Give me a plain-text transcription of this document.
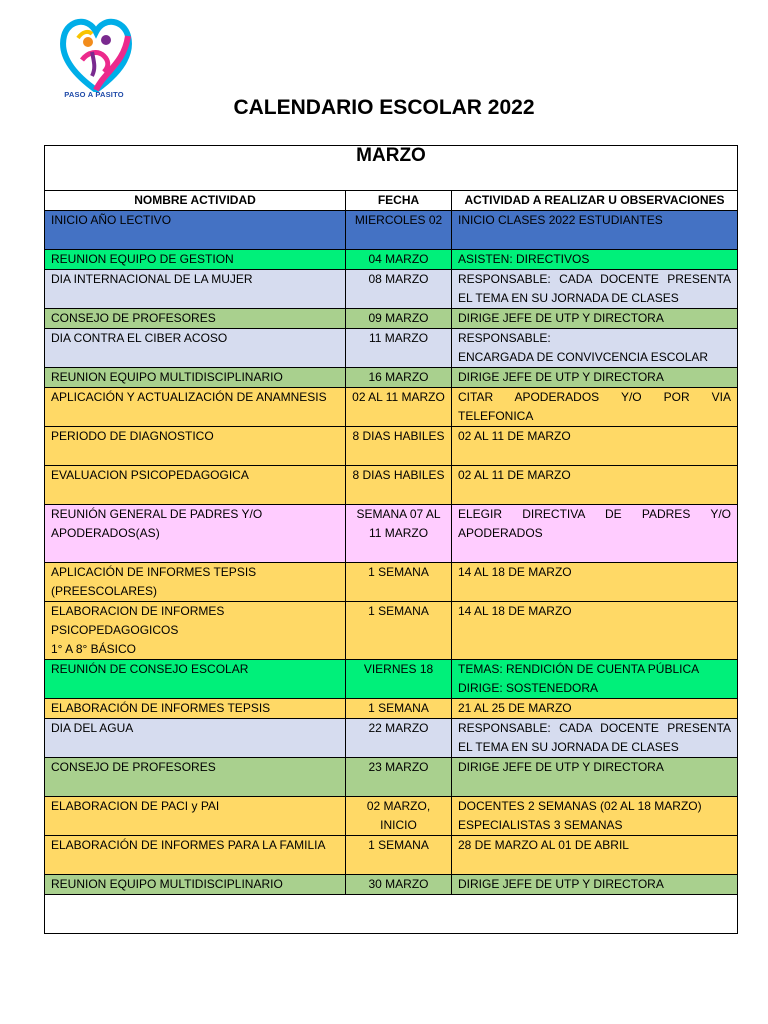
PASO A PASITO
CALENDARIO ESCOLAR 2022
MARZO		
NOMBRE ACTIVIDAD	FECHA	ACTIVIDAD A REALIZAR U OBSERVACIONES
INICIO AÑO LECTIVO	MIERCOLES 02	INICIO CLASES 2022 ESTUDIANTES
REUNION EQUIPO DE GESTION	04 MARZO	ASISTEN: DIRECTIVOS
DIA INTERNACIONAL DE LA MUJER	08 MARZO	RESPONSABLE: CADA DOCENTE PRESENTA EL TEMA EN SU JORNADA DE CLASES
CONSEJO DE PROFESORES	09 MARZO	DIRIGE JEFE DE UTP Y DIRECTORA
DIA CONTRA EL CIBER ACOSO	11 MARZO	RESPONSABLE:
ENCARGADA DE CONVIVCENCIA ESCOLAR
REUNION EQUIPO MULTIDISCIPLINARIO	16 MARZO	DIRIGE JEFE DE UTP Y DIRECTORA
APLICACIÓN Y ACTUALIZACIÓN DE ANAMNESIS	02 AL 11 MARZO	CITAR APODERADOS Y/O POR VIA TELEFONICA
PERIODO DE DIAGNOSTICO	8 DIAS HABILES	02 AL 11 DE MARZO
EVALUACION PSICOPEDAGOGICA	8 DIAS HABILES	02 AL 11 DE MARZO
REUNIÓN GENERAL DE PADRES Y/O APODERADOS(AS)	SEMANA 07 AL 11 MARZO	ELEGIR DIRECTIVA DE PADRES Y/O APODERADOS
APLICACIÓN DE INFORMES TEPSIS (PREESCOLARES)	1 SEMANA	14 AL 18 DE MARZO
ELABORACION DE INFORMES PSICOPEDAGOGICOS
1° A 8° BÁSICO	1 SEMANA	14 AL 18 DE MARZO
REUNIÓN DE CONSEJO ESCOLAR	VIERNES 18	TEMAS: RENDICIÓN DE CUENTA PÚBLICA
DIRIGE: SOSTENEDORA
ELABORACIÓN DE INFORMES TEPSIS	1 SEMANA	21 AL 25 DE MARZO
DIA DEL AGUA	22 MARZO	RESPONSABLE: CADA DOCENTE PRESENTA EL TEMA EN SU JORNADA DE CLASES
CONSEJO DE PROFESORES	23 MARZO	DIRIGE JEFE DE UTP Y DIRECTORA
ELABORACION DE PACI y PAI	02 MARZO, INICIO	DOCENTES 2 SEMANAS (02 AL 18 MARZO)
ESPECIALISTAS 3 SEMANAS
ELABORACIÓN DE INFORMES PARA LA FAMILIA	1 SEMANA	28 DE MARZO AL 01 DE ABRIL
REUNION EQUIPO MULTIDISCIPLINARIO	30 MARZO	DIRIGE JEFE DE UTP Y DIRECTORA
